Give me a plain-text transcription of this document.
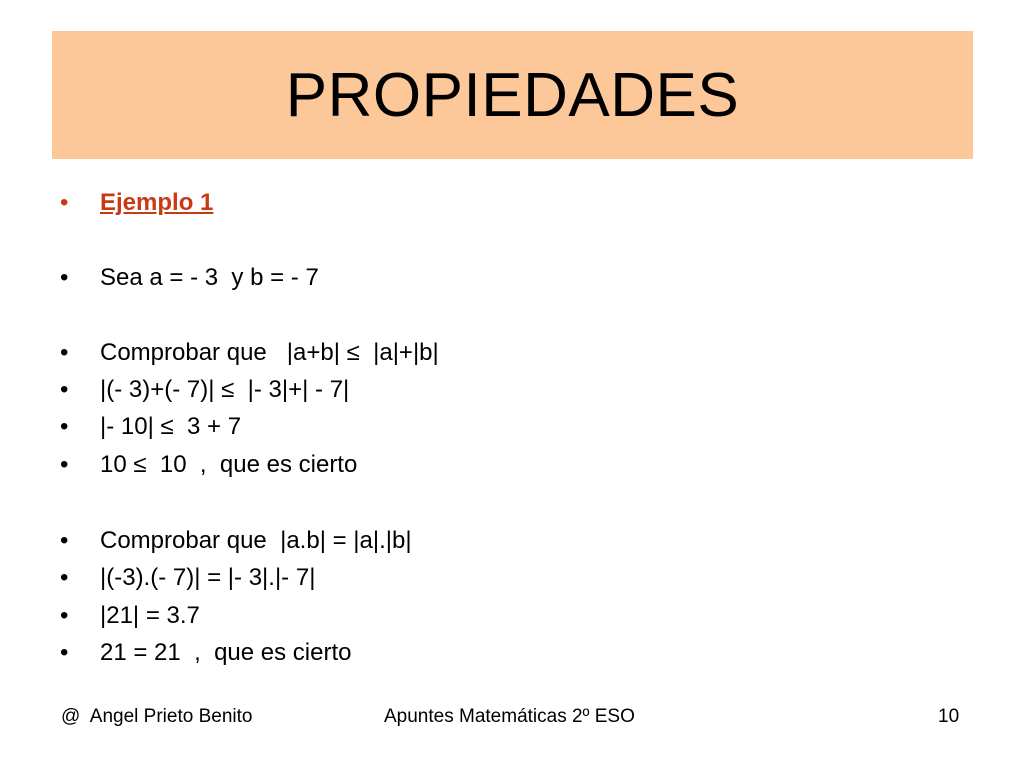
PROPIEDADES
•	Ejemplo 1
•	Sea a = - 3  y b = - 7
•	Comprobar que   |a+b| ≤  |a|+|b|
•	|(- 3)+(- 7)| ≤  |- 3|+| - 7|
•	|- 10| ≤  3 + 7
•	10 ≤  10  ,  que es cierto
•	Comprobar que  |a.b| = |a|.|b|
•	|(-3).(- 7)| = |- 3|.|- 7|
•	|21| = 3.7
•	21 = 21  ,  que es cierto
@  Angel Prieto Benito	Apuntes Matemáticas 2º ESO	10
